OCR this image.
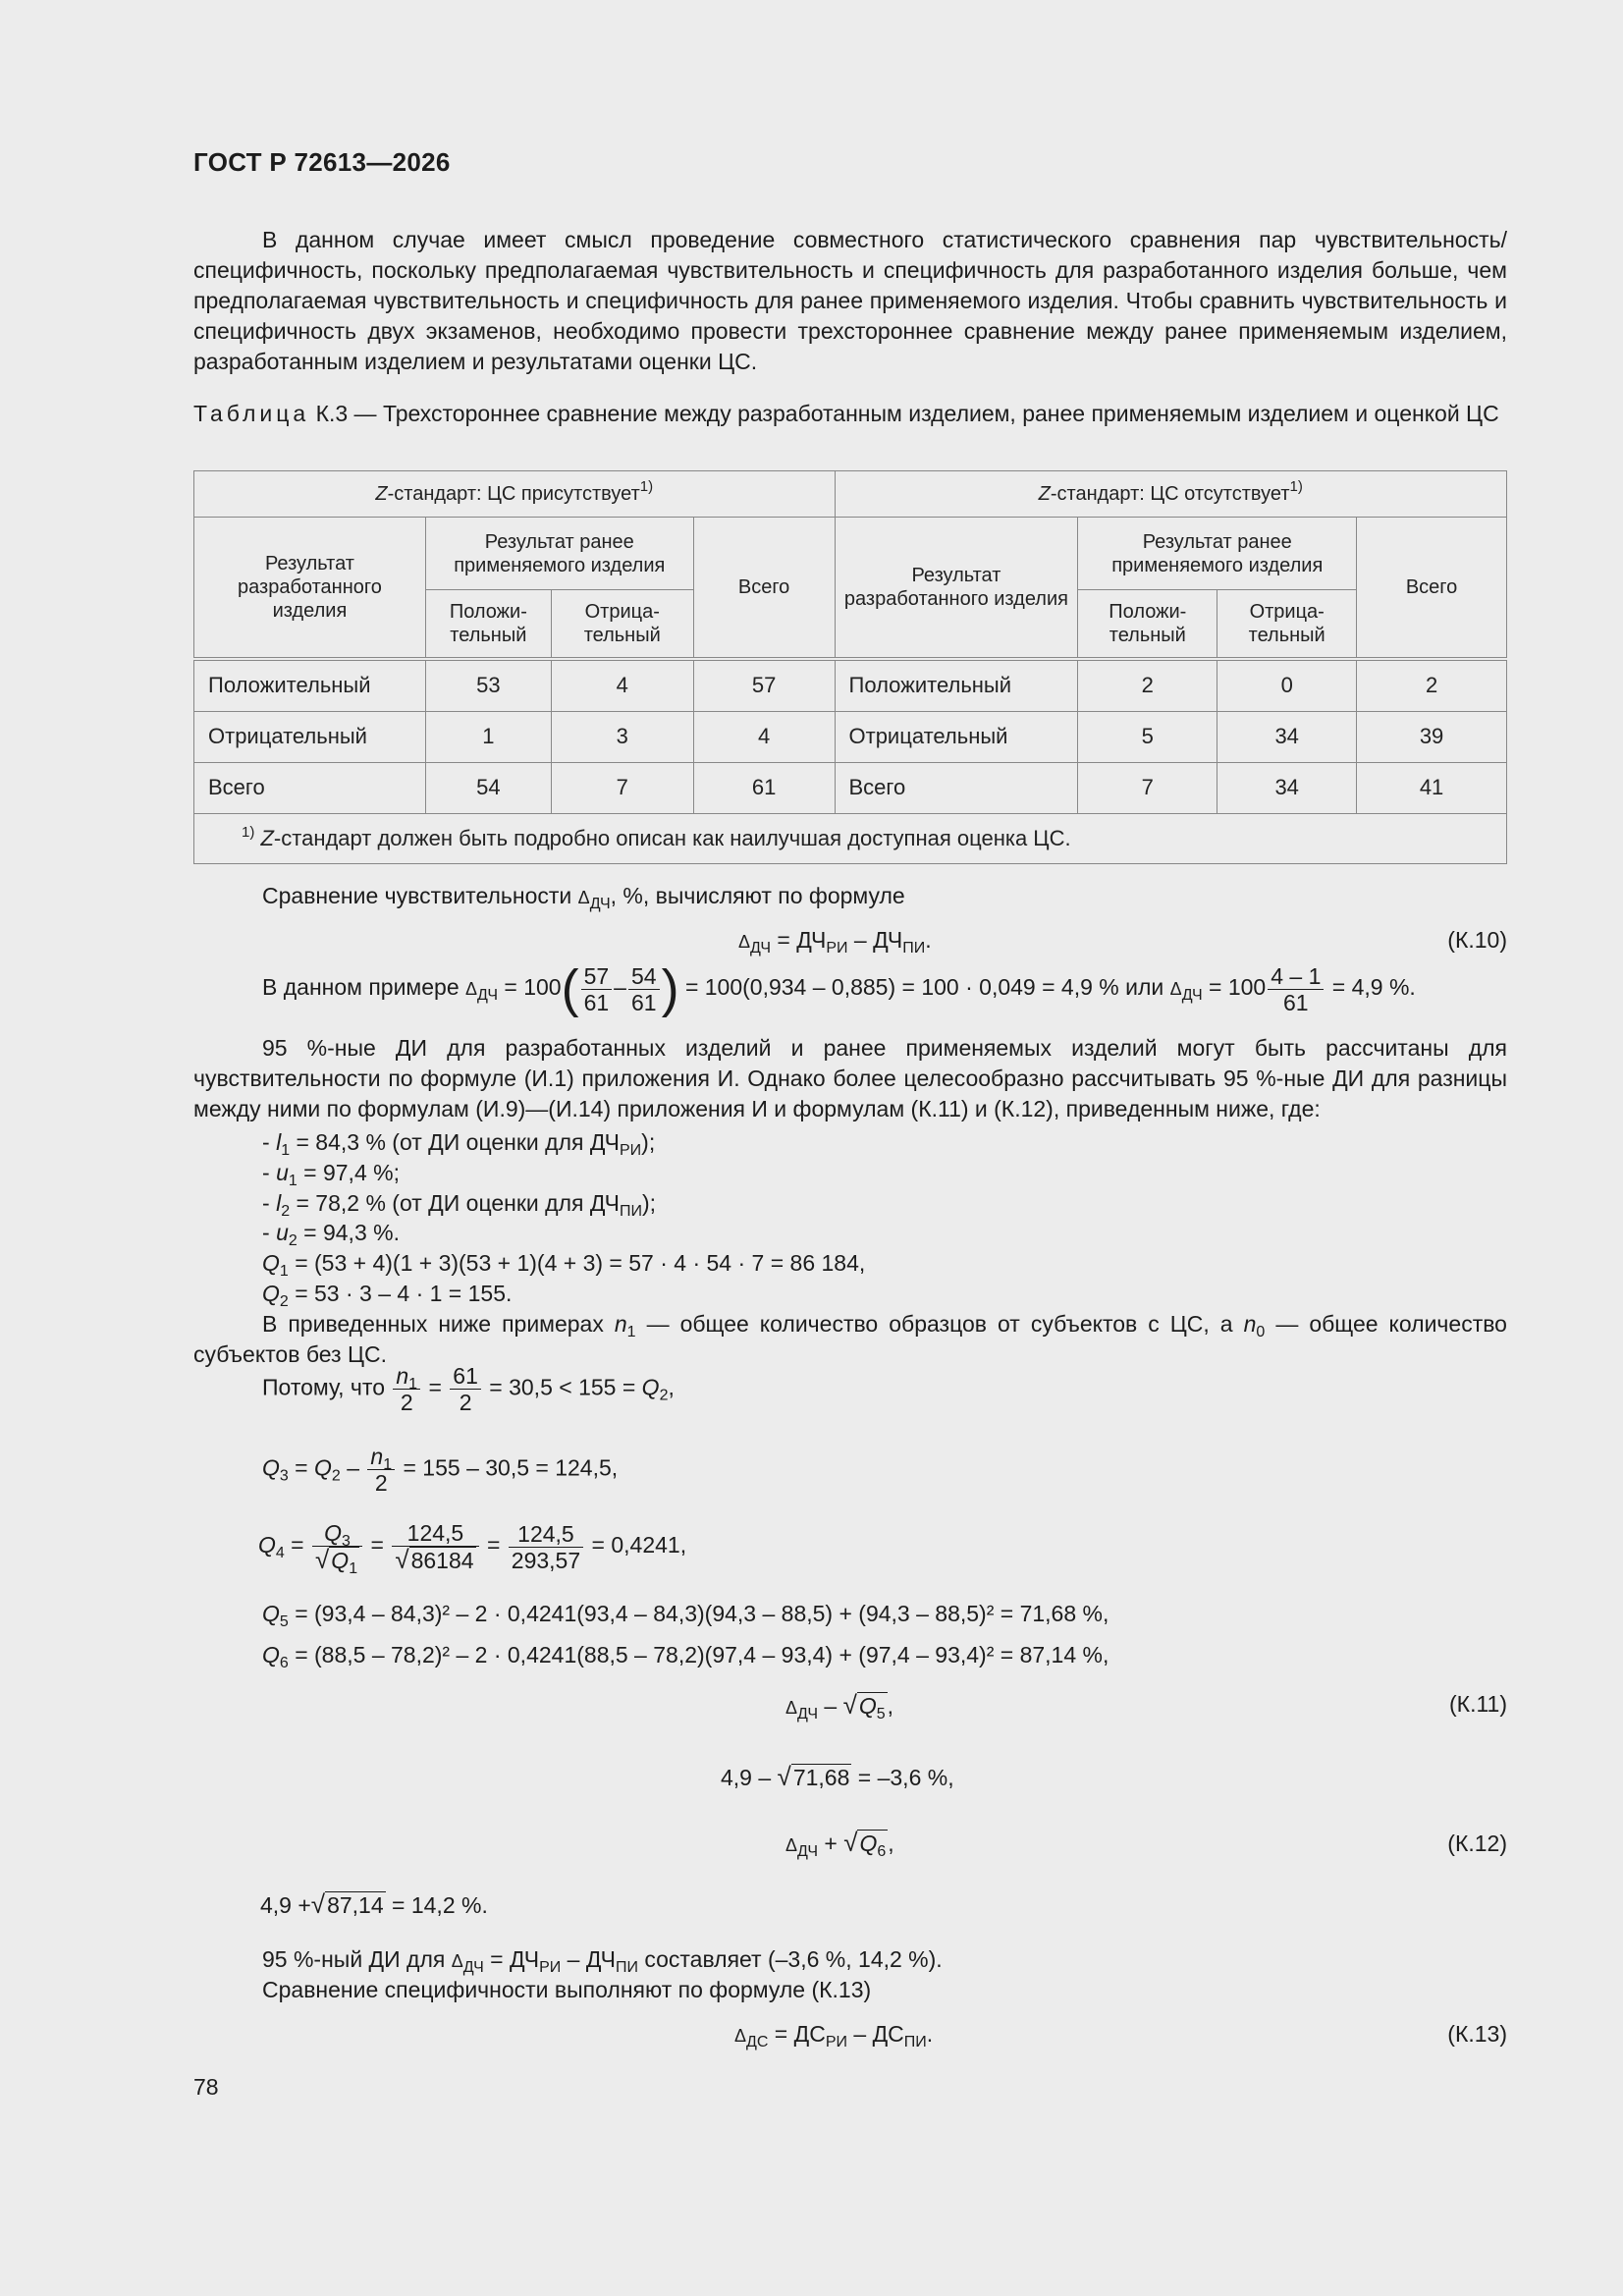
ГОСТ Р 72613—2026
В данном случае имеет смысл проведение совместного статистического сравнения пар чувствительность/специфичность, поскольку предполагаемая чувствительность и специфичность для разработанного изделия больше, чем предполагаемая чувствительность и специфичность для ранее применяемого изделия. Чтобы сравнить чувствительность и специфичность двух экзаменов, необходимо провести трехстороннее сравнение между ранее применяемым изделием, разработанным изделием и результатами оценки ЦС.
Таблица К.3 — Трехстороннее сравнение между разработанным изделием, ранее применяемым изделием и оценкой ЦС
Z-стандарт: ЦС присутствует$^{1)}$				Z-стандарт: ЦС отсутствует$^{1)}$
Результат разработанного изделия	Результат ранее применяемого изделия		Всего	Результат разработанного изделия	Результат ранее применяемого изделия		Всего
	Положи-тельный	Отрица-тельный			Положи-тельный	Отрица-тельный	
Положительный	53	4	57	Положительный	2	0	2
Отрицательный	1	3	4	Отрицательный	5	34	39
Всего	54	7	61	Всего	7	34	41
$^{1)}$ Z-стандарт должен быть подробно описан как наилучшая доступная оценка ЦС.							
Сравнение чувствительности $\Delta_{ДЧ}$, %, вычисляют по формуле
$\Delta_{ДЧ} = ДЧ_{РИ} - ДЧ_{ПИ}$.	(К.10)
В данном примере $\Delta_{ДЧ} = 100( \frac{57}{61} - \frac{54}{61}$ ) = 100(0,934 – 0,885) = 100 · 0,049 = 4,9 % или $\Delta_{ДЧ} = 100 \frac{4 - 1}{61} = 4,9$ %.
95 %-ные ДИ для разработанных изделий и ранее применяемых изделий могут быть рассчитаны для чувствительности по формуле (И.1) приложения И. Однако более целесообразно рассчитывать 95 %-ные ДИ для разницы между ними по формулам (И.9)—(И.14) приложения И и формулам (К.11) и (К.12), приведенным ниже, где:
- $l_1 = 84,3$ % (от ДИ оценки для $ДЧ_{РИ}$);
- $u_1 = 97,4$ %;
- $l_2 = 78,2$ % (от ДИ оценки для $ДЧ_{ПИ}$);
- $u_2 = 94,3$ %.
$Q_1 = (53 + 4)(1 + 3)(53 + 1)(4 + 3) = 57 \cdot 4 \cdot 54 \cdot 7 = 86$ 184,
$Q_2 = 53 \cdot 3 - 4 \cdot 1 = 155$.
В приведенных ниже примерах $n_1$ — общее количество образцов от субъектов с ЦС, а $n_0$ — общее количество субъектов без ЦС.
Потому, что $\frac{n_1}{2} = \frac{61}{2} = 30,5 < 155 = Q_2$,
$Q_3 = Q_2 - \frac{n_1}{2} = 155 - 30,5 = 124,5$,
$Q_4 = \frac{Q_3}{√Q_1} = \frac{124,5}{√86184} = \frac{124,5}{293,57} = 0,4241$,
$Q_5 = (93,4 - 84,3)^2 - 2 \cdot 0,4241(93,4 - 84,3)(94,3 - 88,5) + (94,3 - 88,5)^2 = 71,68$ %,
$Q_6 = (88,5 - 78,2)^2 - 2 \cdot 0,4241(88,5 - 78,2)(97,4 - 93,4) + (97,4 - 93,4)^2 = 87,14$ %,
$\Delta_{ДЧ} - √Q_5$,	(К.11)
4,9 – √71,68 = –3,6 %,
$\Delta_{ДЧ} + √Q_6$,	(К.12)
4,9 +√87,14 = 14,2 %.
95 %-ный ДИ для $\Delta_{ДЧ} = ДЧ_{РИ} - ДЧ_{ПИ}$ составляет (–3,6 %, 14,2 %).
Сравнение специфичности выполняют по формуле (К.13)
$\Delta_{ДС} = ДС_{РИ} - ДС_{ПИ}$.	(К.13)
78
